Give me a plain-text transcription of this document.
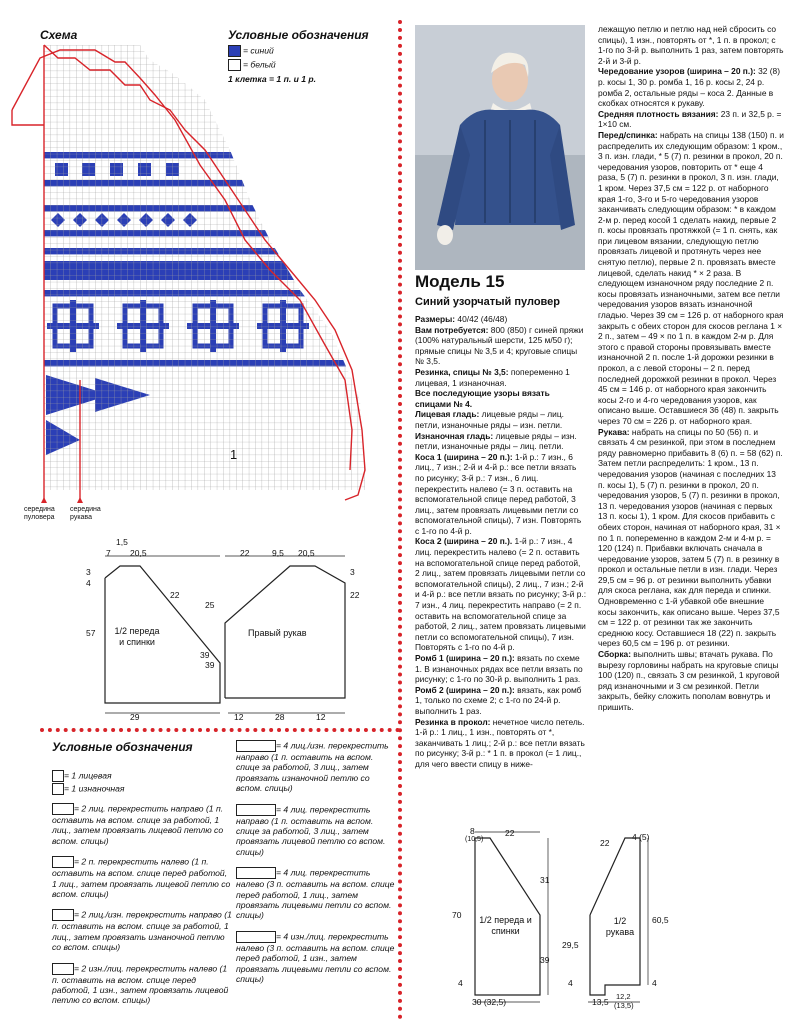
Схема	Условные обозначения
= синий
= белый
1 клетка = 1 п. и 1 р.
1
середина пуловера
середина рукава
1,5
7 20,5
3
4
22
57
39
29
1/2 переда и спинки
22	9,5 20,5
3
25
22
39
12	28	12
Правый рукав
Условные обозначения
= 1 лицевая
= 1 изнаночная
= 2 лиц. перекрестить направо (1 п. оставить на вспом. спице за работой, 1 лиц., затем провязать лицевой петлю со вспом. спицы)
= 2 п. перекрестить налево (1 п. оставить на вспом. спице перед работой, 1 лиц., затем провязать лицевой петлю со вспом. спицы)
= 2 лиц./изн. перекрестить направо (1 п. оставить на вспом. спице за работой, 1 лиц., затем провязать изнаночной петлю со вспом. спицы)
= 2 изн./лиц. перекрестить налево (1 п. оставить на вспом. спице перед работой, 1 изн., затем провязать лицевой петлю со вспом. спицы)
= 4 лиц./изн. перекрестить направо (1 п. оставить на вспом. спице за работой, 3 лиц., затем провязать изнаночной петлю со вспом. спицы)
= 4 лиц. перекрестить направо (1 п. оставить на вспом. спице за работой, 3 лиц., затем провязать лицевой петлю со вспом. спицы)
= 4 лиц. перекрестить налево (3 п. оставить на вспом. спице перед работой, 1 лиц., затем провязать лицевыми петли со вспом. спицы)
= 4 изн./лиц. перекрестить налево (3 п. оставить на вспом. спице перед работой, 1 изн., затем провязать лицевыми петли со вспом. спицы)
Модель 15
Синий узорчатый пуловер

Размеры: 40/42 (46/48)

Вам потребуется: 800 (850) г синей пряжи (100% натуральный шерсти, 125 м/50 г); прямые спицы № 3,5 и 4; круговые спицы № 3,5.

Резинка, спицы № 3,5: попеременно 1 лицевая, 1 изнаночная.

Все последующие узоры вязать спицами № 4.

Лицевая гладь: лицевые ряды – лиц. петли, изнаночные ряды – изн. петли.

Изнаночная гладь: лицевые ряды – изн. петли, изнаночные ряды – лиц. петли.

Коса 1 (ширина – 20 п.): 1-й р.: 7 изн., 6 лиц., 7 изн.; 2-й и 4-й р.: все петли вязать по рисунку; 3-й р.: 7 изн., 6 лиц. перекрестить налево (= 3 п. оставить на вспомогательной спице перед работой, 3 лиц., затем провязать лицевыми петли со вспомогательной спицы), 7 изн. Повторять с 1-го по 4-й р.

Коса 2 (ширина – 20 п.). 1-й р.: 7 изн., 4 лиц. перекрестить налево (= 2 п. оставить на вспомогательной спице перед работой, 2 лиц., затем провязать лицевыми петли со вспомогательной спицы), 2 лиц., 7 изн.; 2-й и 4-й р.: все петли вязать по рисунку; 3-й р.: 7 изн., 4 лиц. перекрестить направо (= 2 п. оставить на вспомогательной спице за работой, 2 лиц., затем провязать лицевыми петли со вспомогательной спицы), 7 изн. Повторять с 1-го по 4-й р.

Ромб 1 (ширина – 20 п.): вязать по схеме 1. В изнаночных рядах все петли вязать по рисунку; с 1-го по 30-й р. выполнить 1 раз.

Ромб 2 (ширина – 20 п.): вязать, как ромб 1, только по схеме 2; с 1-го по 24-й р. выполнить 1 раз.

Резинка в прокол: нечетное число петель. 1-й р.: 1 лиц., 1 изн., повторять от *, заканчивать 1 лиц.; 2-й р.: все петли вязать по рисунку; 3-й р.: * 1 п. в прокол (= 1 лиц., для чего ввести спицу в ниже-

лежащую петлю и петлю над ней сбросить со спицы), 1 изн., повторять от *, 1 п. в прокол; с 1-го по 3-й р. выполнить 1 раз, затем повторять 2-й и 3-й р.

Чередование узоров (ширина – 20 п.): 32 (8) р. косы 1, 30 р. ромба 1, 16 р. косы 2, 24 р. ромба 2, остальные ряды – коса 2. Данные в скобках относятся к рукаву.

Средняя плотность вязания: 23 п. и 32,5 р. = 1×10 см.

Перед/спинка: набрать на спицы 138 (150) п. и распределить их следующим образом: 1 кром., 3 п. изн. глади, * 5 (7) п. резинки в прокол, 20 п. чередования узоров, повторить от * еще 4 раза, 5 (7) п. резинки в прокол, 3 п. изн. глади, 1 кром. Через 37,5 см = 122 р. от наборного края 1-го, 3-го и 5-го чередования узоров заканчивать следующим образом: * в каждом 2-м р. перед косой 1 сделать накид, первые 2 п. косы провязать протяжкой (= 1 п. снять, как при лицевом вязании, следующую петлю провязать лицевой и протянуть через нее снятую петлю), первые 2 п. провязать вместе лицевой, сделать накид * × 2 раза. В следующем изнаночном ряду последние 2 п. косы провязать изнаночными, затем все петли чередования узоров вязать изнаночной гладью. Через 39 см = 126 р. от наборного края закрыть с обеих сторон для скосов реглана 1 × 2 п., затем – 49 × по 1 п. в каждом 2-м р. Для этого с правой стороны провязывать вместе изнаночной 2 п. после 1-й дорожки резинки в прокол, а с левой стороны – 2 п. перед последней дорожкой резинки в прокол. Через 45 см = 146 р. от наборного края закончить косы 2-го и 4-го чередования узоров, как описано выше. Оставшиеся 36 (48) п. закрыть через 70 см = 226 р. от наборного края.

Рукава: набрать на спицы по 50 (56) п. и связать 4 см резинкой, при этом в последнем ряду равномерно прибавить 8 (6) п. = 58 (62) п. Затем петли распределить: 1 кром., 13 п. чередования узоров (начиная с последних 13 п. косы 1), 5 (7) п. резинки в прокол, 20 п. чередования узоров, 5 (7) п. резинки в прокол, 13 п. чередования узоров (начиная с первых 13 п. косы 1), 1 кром. Для скосов прибавить с обеих сторон, начиная от наборного края, 31 × по 1 п. попеременно в каждом 2-м и 4-м р. = 120 (124) п. Прибавки включать сначала в чередование узоров, затем 5 (7) п. в резинку в прокол и остальные петли в изн. глади. Через 29,5 см = 96 р. от резинки выполнить убавки для скоса реглана, как для переда и спинки. Одновременно с 1-й убавкой обе внешние косы закончить, как описано выше. Через 37,5 см = 122 р. от резинки так же закончить среднюю косу. Оставшиеся 18 (22) п. закрыть через 60,5 см = 196 р. от резинки.

Сборка: выполнить швы; втачать рукава. По вырезу горловины набрать на круговые спицы 100 (120) п., связать 3 см резинкой, 1 круговой ряд изнаночными и 3 см резинкой. Петли закрыть, бейку сложить пополам вовнутрь и пришить.

8
(10,5)
22
31
70
39
30 (32,5)
1/2 переда и спинки
22
4 (5)
60,5
29,5
4	4
13,5
12,2
(13,5)
4
1/2 рукава
